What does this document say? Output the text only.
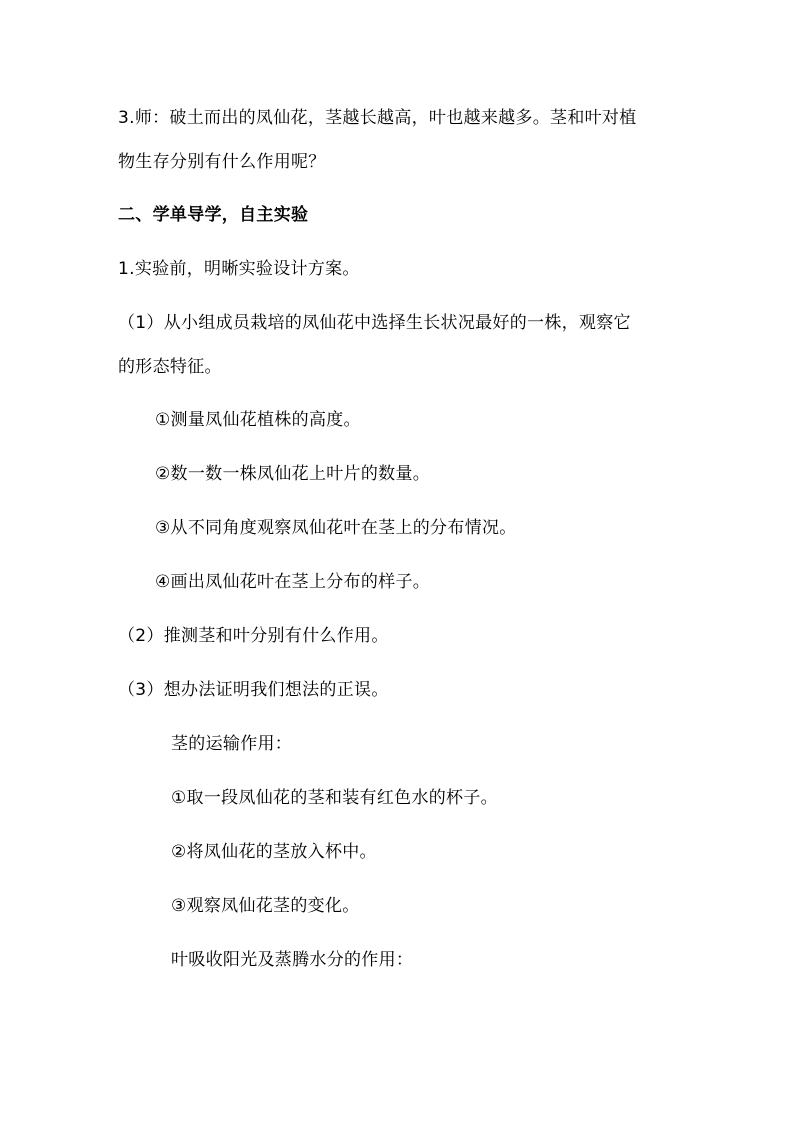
3.师：破土而出的凤仙花，茎越长越高，叶也越来越多。茎和叶对植
物生存分别有什么作用呢？
二、学单导学，自主实验
1.实验前，明晰实验设计方案。
（1）从小组成员栽培的凤仙花中选择生长状况最好的一株，观察它
的形态特征。
①测量凤仙花植株的高度。
②数一数一株凤仙花上叶片的数量。
③从不同角度观察凤仙花叶在茎上的分布情况。
④画出凤仙花叶在茎上分布的样子。
（2）推测茎和叶分别有什么作用。
（3）想办法证明我们想法的正误。
茎的运输作用：
①取一段凤仙花的茎和装有红色水的杯子。
②将凤仙花的茎放入杯中。
③观察凤仙花茎的变化。
叶吸收阳光及蒸腾水分的作用：
